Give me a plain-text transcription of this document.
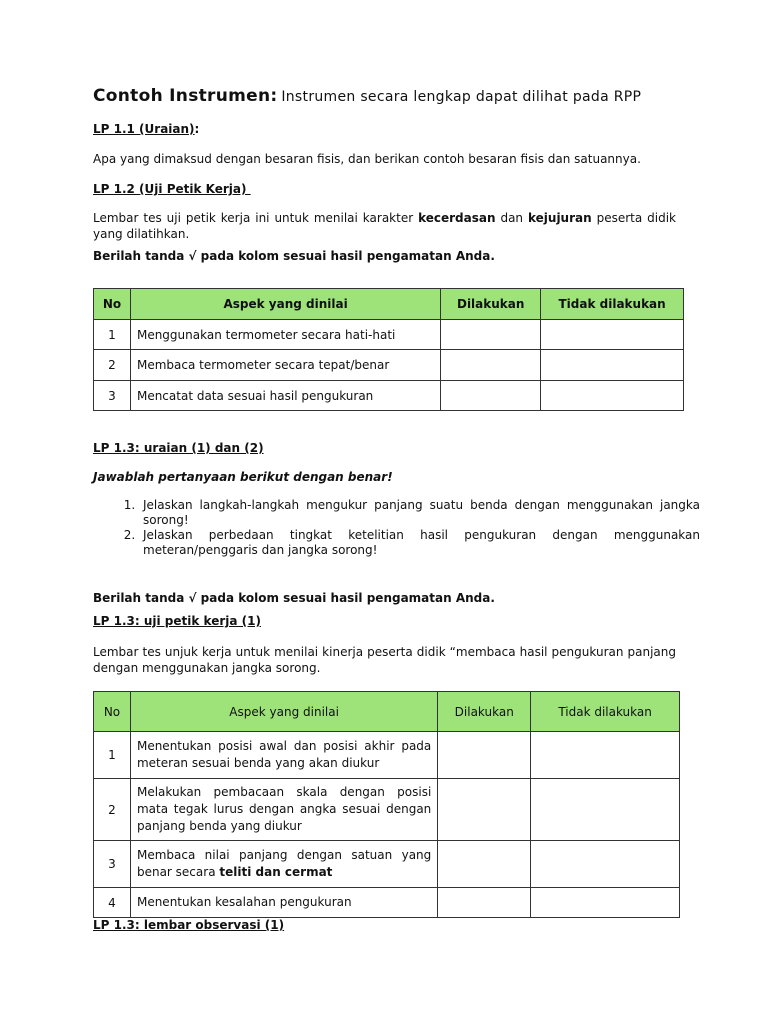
Contoh Instrumen: Instrumen secara lengkap dapat dilihat pada RPP
LP 1.1 (Uraian):
Apa yang dimaksud dengan besaran fisis, dan berikan contoh besaran fisis dan satuannya.
LP 1.2 (Uji Petik Kerja)
Lembar tes uji petik kerja ini untuk menilai karakter kecerdasan dan kejujuran peserta didik yang dilatihkan.
Berilah tanda √ pada kolom sesuai hasil pengamatan Anda.
No	Aspek yang dinilai	Dilakukan	Tidak dilakukan
1	Menggunakan termometer secara hati-hati		
2	Membaca termometer secara tepat/benar		
3	Mencatat data sesuai hasil pengukuran		
LP 1.3: uraian (1) dan (2)
Jawablah pertanyaan berikut dengan benar!
1. Jelaskan langkah-langkah mengukur panjang suatu benda dengan menggunakan jangka sorong!
2. Jelaskan perbedaan tingkat ketelitian hasil pengukuran dengan menggunakan meteran/penggaris dan jangka sorong!
Berilah tanda √ pada kolom sesuai hasil pengamatan Anda.
LP 1.3: uji petik kerja (1)
Lembar tes unjuk kerja untuk menilai kinerja peserta didik “membaca hasil pengukuran panjang dengan menggunakan jangka sorong.
No	Aspek yang dinilai	Dilakukan	Tidak dilakukan
1	Menentukan posisi awal dan posisi akhir pada meteran sesuai benda yang akan diukur		
2	Melakukan pembacaan skala dengan posisi mata tegak lurus dengan angka sesuai dengan panjang benda yang diukur		
3	Membaca nilai panjang dengan satuan yang benar secara teliti dan cermat		
4	Menentukan kesalahan pengukuran		
LP 1.3: lembar observasi (1)
